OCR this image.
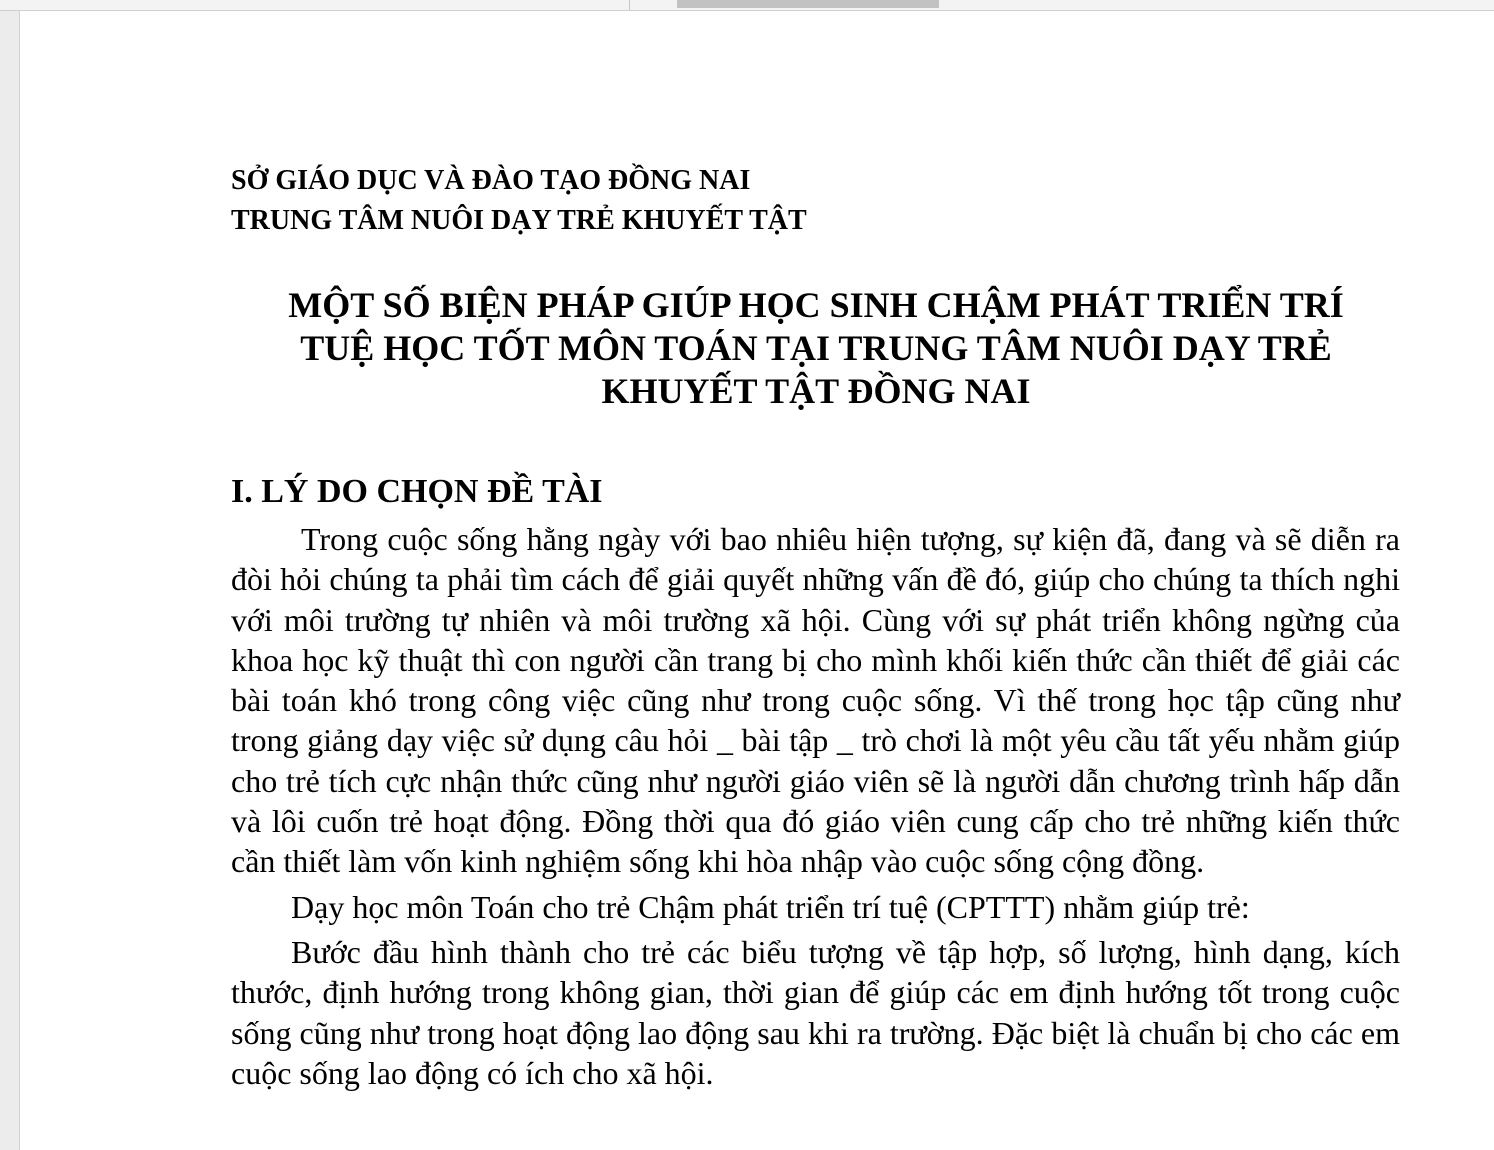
SỞ GIÁO DỤC VÀ ĐÀO TẠO ĐỒNG NAI
TRUNG TÂM NUÔI DẠY TRẺ KHUYẾT TẬT
MỘT SỐ BIỆN PHÁP GIÚP HỌC SINH CHẬM PHÁT TRIỂN TRÍ
TUỆ HỌC TỐT MÔN TOÁN TẠI TRUNG TÂM NUÔI DẠY TRẺ
KHUYẾT TẬT ĐỒNG NAI
I. LÝ DO CHỌN ĐỀ TÀI

Trong cuộc sống hằng ngày với bao nhiêu hiện tượng, sự kiện đã, đang và sẽ diễn ra đòi hỏi chúng ta phải tìm cách để giải quyết những vấn đề đó, giúp cho chúng ta thích nghi với môi trường tự nhiên và môi trường xã hội. Cùng với sự phát triển không ngừng của khoa học kỹ thuật thì con người cần trang bị cho mình khối kiến thức cần thiết để giải các bài toán khó trong công việc cũng như trong cuộc sống. Vì thế trong học tập cũng như trong giảng dạy việc sử dụng câu hỏi _ bài tập _ trò chơi là một yêu cầu tất yếu nhằm giúp cho trẻ tích cực nhận thức cũng như người giáo viên sẽ là người dẫn chương trình hấp dẫn và lôi cuốn trẻ hoạt động. Đồng thời qua đó giáo viên cung cấp cho trẻ những kiến thức cần thiết làm vốn kinh nghiệm sống khi hòa nhập vào cuộc sống cộng đồng.

Dạy học môn Toán cho trẻ Chậm phát triển trí tuệ (CPTTT) nhằm giúp trẻ:

Bước đầu hình thành cho trẻ các biểu tượng về tập hợp, số lượng, hình dạng, kích thước, định hướng trong không gian, thời gian để giúp các em định hướng tốt trong cuộc sống cũng như trong hoạt động lao động sau khi ra trường. Đặc biệt là chuẩn bị cho các em cuộc sống lao động có ích cho xã hội.
